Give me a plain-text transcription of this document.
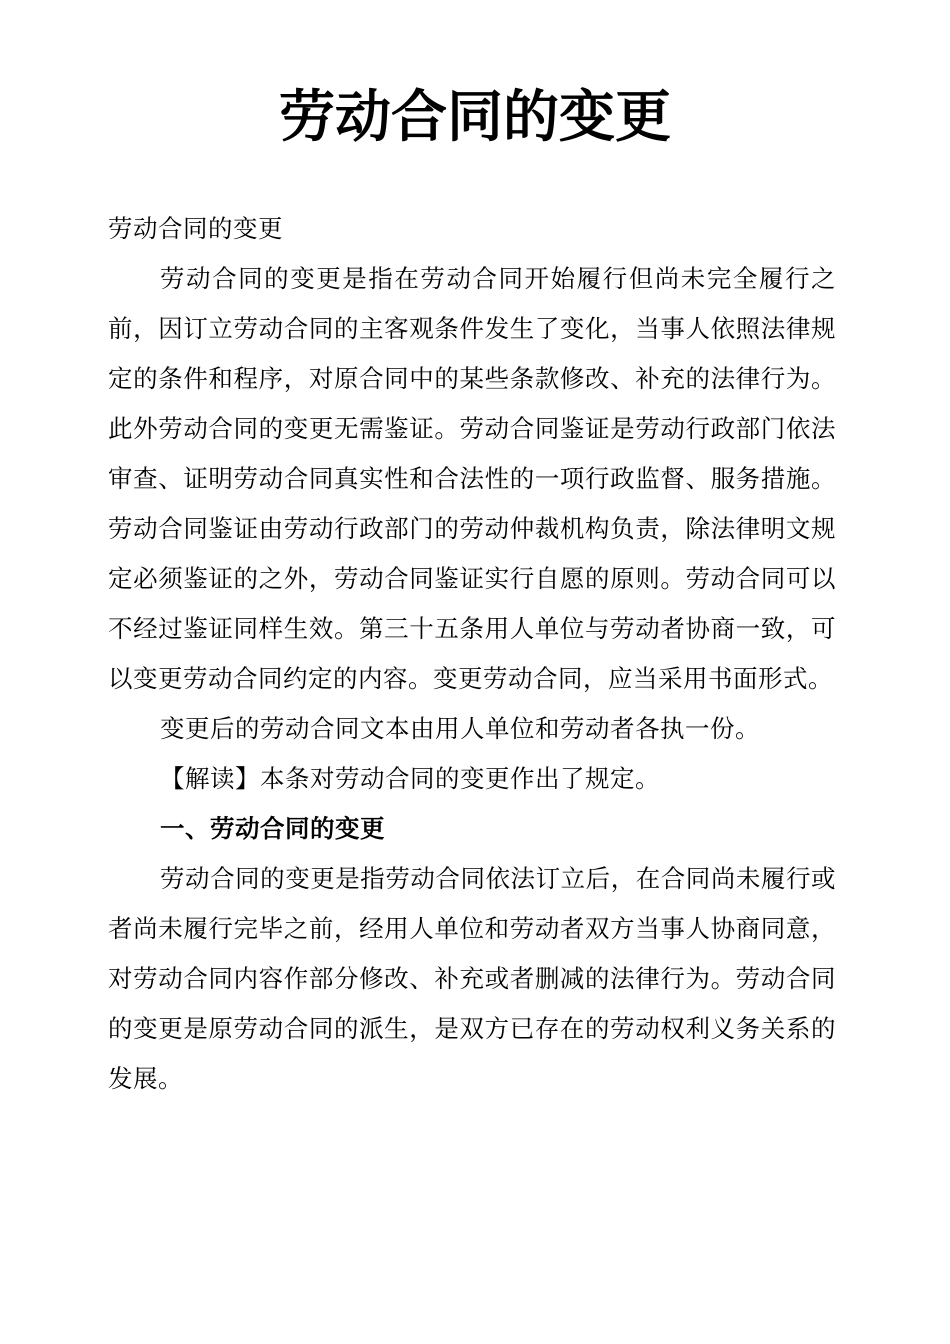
劳动合同的变更

劳动合同的变更

劳动合同的变更是指在劳动合同开始履行但尚未完全履行之前，因订立劳动合同的主客观条件发生了变化，当事人依照法律规定的条件和程序，对原合同中的某些条款修改、补充的法律行为。此外劳动合同的变更无需鉴证。劳动合同鉴证是劳动行政部门依法审查、证明劳动合同真实性和合法性的一项行政监督、服务措施。劳动合同鉴证由劳动行政部门的劳动仲裁机构负责，除法律明文规定必须鉴证的之外，劳动合同鉴证实行自愿的原则。劳动合同可以不经过鉴证同样生效。第三十五条用人单位与劳动者协商一致，可以变更劳动合同约定的内容。变更劳动合同，应当采用书面形式。

变更后的劳动合同文本由用人单位和劳动者各执一份。

【解读】本条对劳动合同的变更作出了规定。

一、劳动合同的变更

劳动合同的变更是指劳动合同依法订立后，在合同尚未履行或者尚未履行完毕之前，经用人单位和劳动者双方当事人协商同意，对劳动合同内容作部分修改、补充或者删减的法律行为。劳动合同的变更是原劳动合同的派生，是双方已存在的劳动权利义务关系的发展。
